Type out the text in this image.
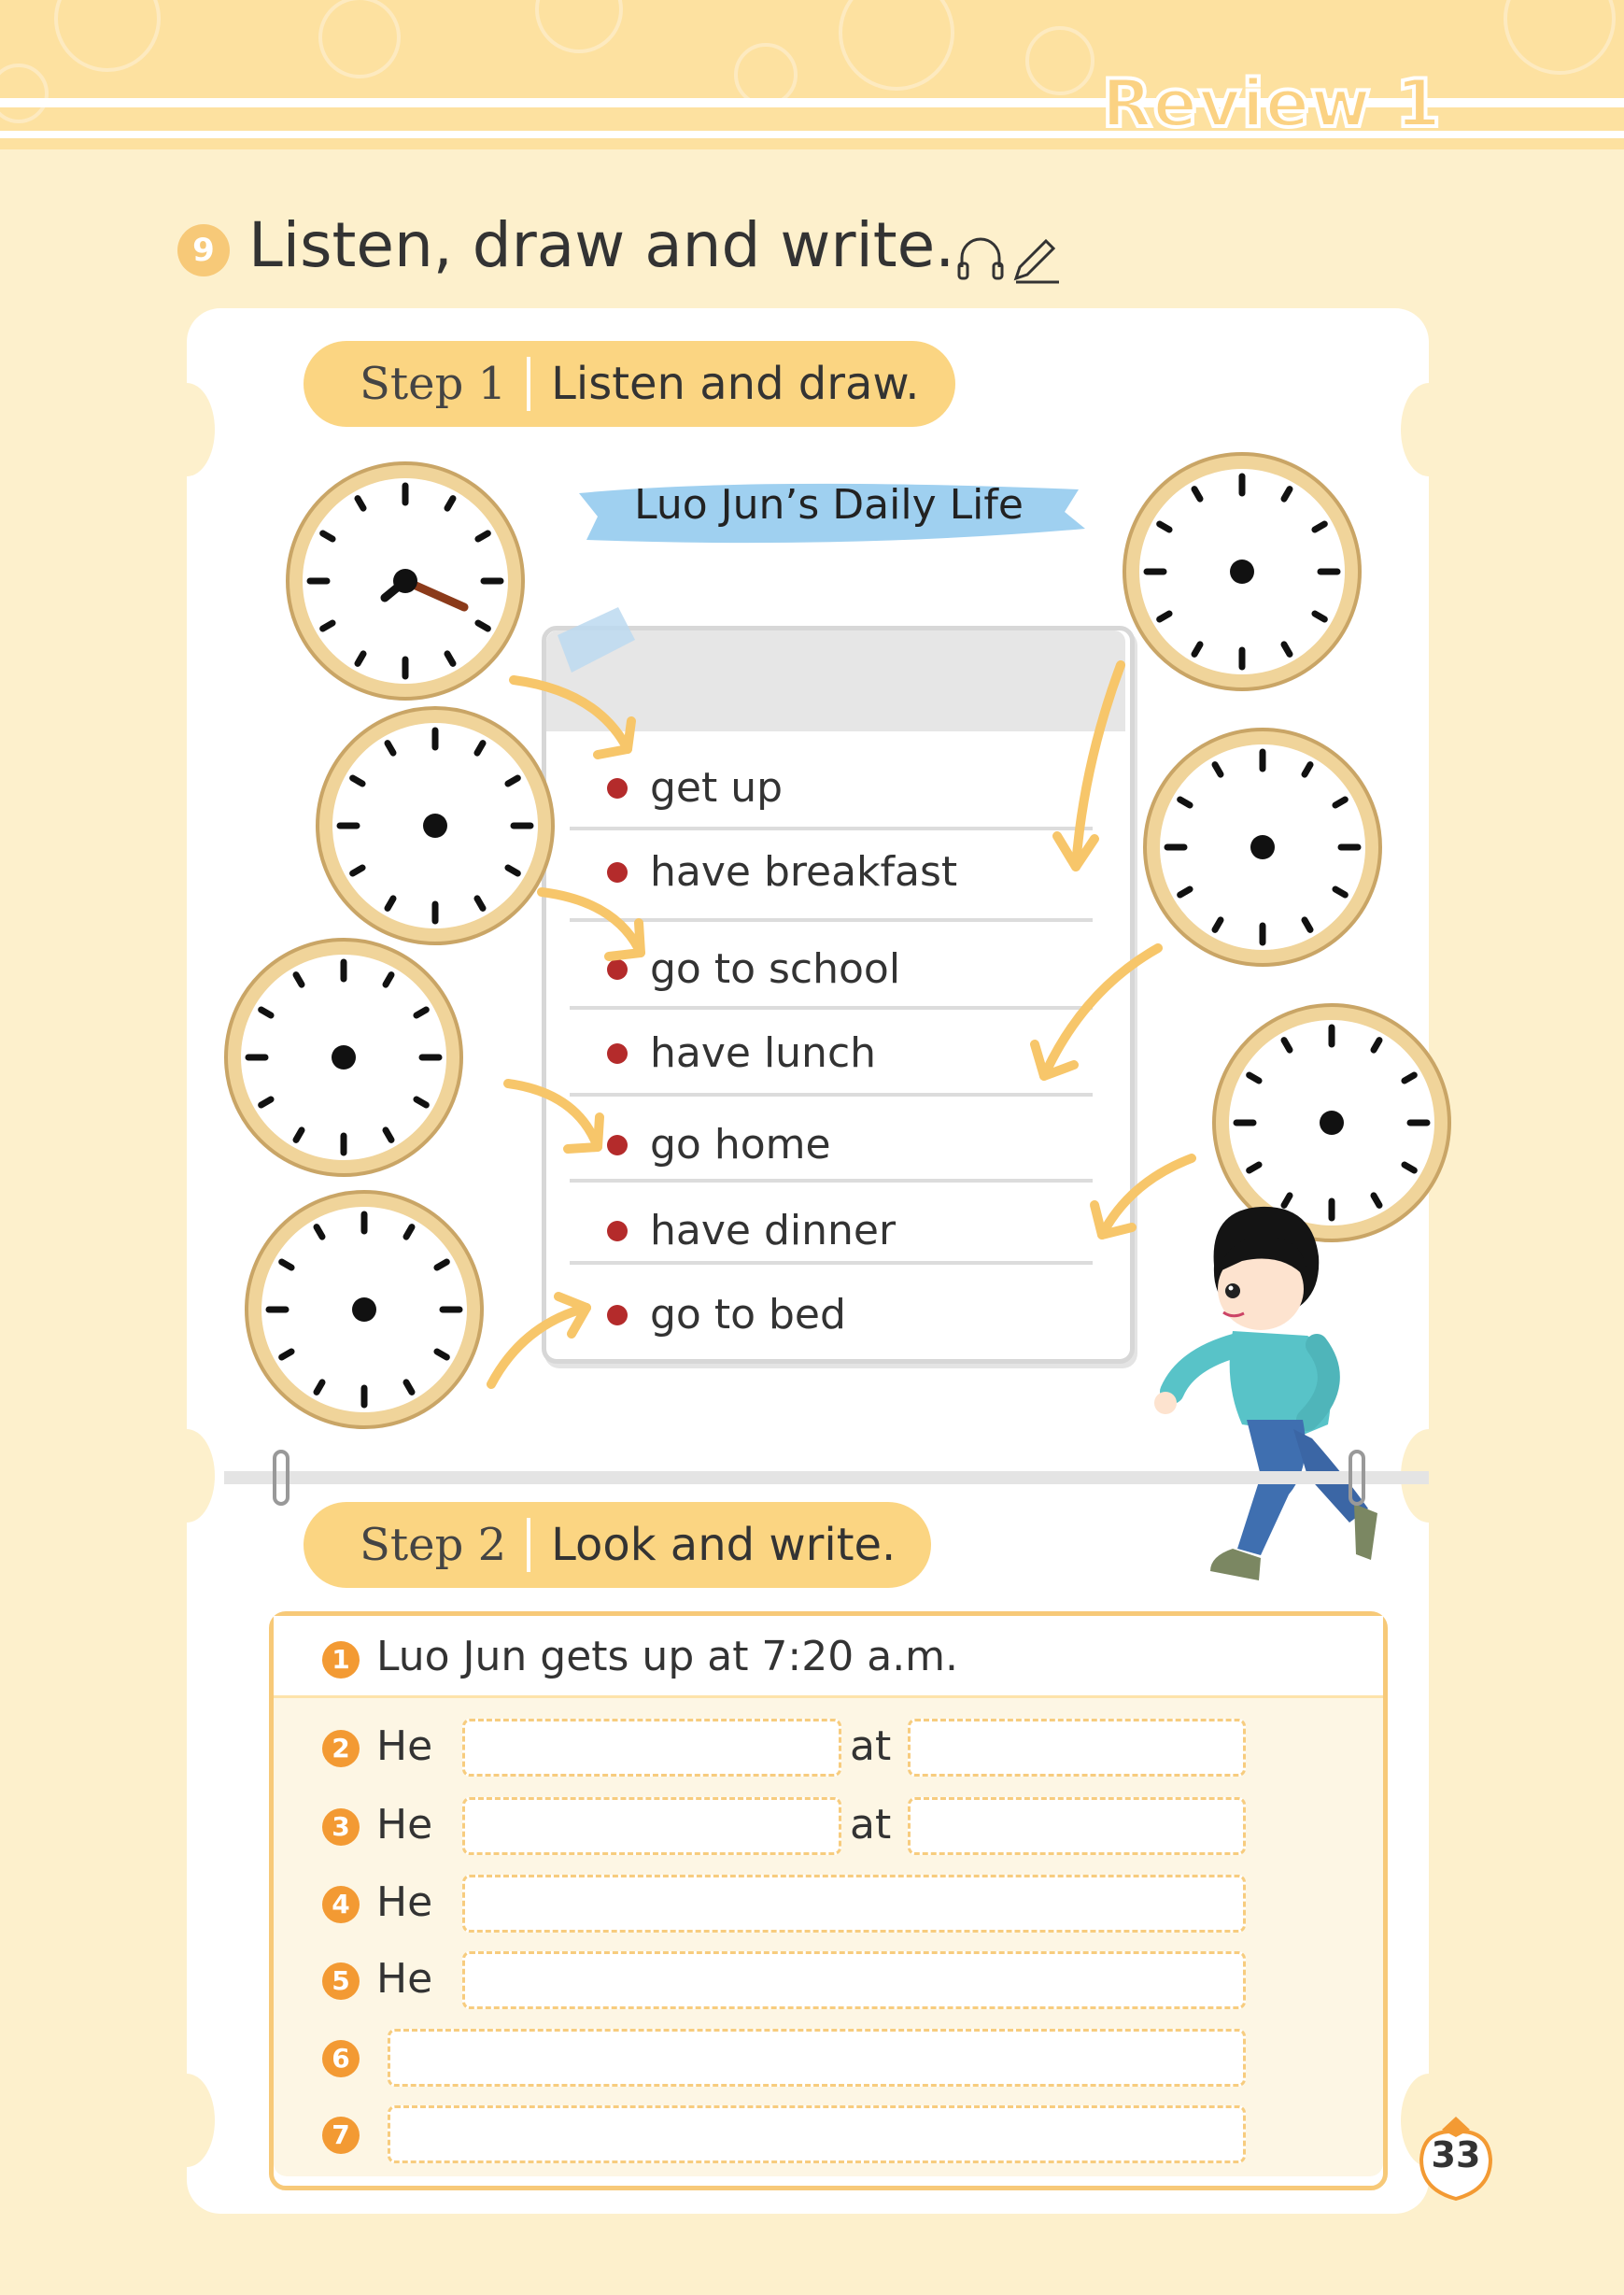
Review 1
9 Listen, draw and write.
Step 1	Listen and draw.
Luo Jun’s Daily Life
get up
have breakfast
go to school
have lunch
go home
have dinner
go to bed
Step 2	Look and write.
1 Luo Jun gets up at 7:20 a.m.
2 He	at
3 He	at
4 He
5 He
6
7	33
